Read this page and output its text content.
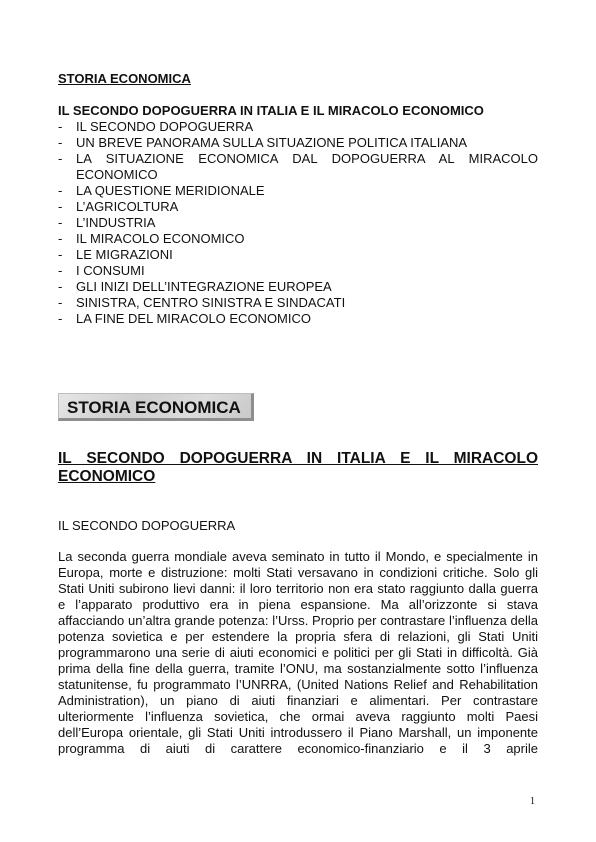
STORIA ECONOMICA
IL SECONDO DOPOGUERRA IN ITALIA E IL MIRACOLO ECONOMICO
- IL SECONDO DOPOGUERRA
- UN BREVE PANORAMA SULLA SITUAZIONE POLITICA ITALIANA
- LA SITUAZIONE ECONOMICA DAL DOPOGUERRA AL MIRACOLO ECONOMICO
- LA QUESTIONE MERIDIONALE
- L’AGRICOLTURA
- L’INDUSTRIA
- IL MIRACOLO ECONOMICO
- LE MIGRAZIONI
- I CONSUMI
- GLI INIZI DELL’INTEGRAZIONE EUROPEA
- SINISTRA, CENTRO SINISTRA E SINDACATI
- LA FINE DEL MIRACOLO ECONOMICO
STORIA ECONOMICA
IL SECONDO DOPOGUERRA IN ITALIA E IL MIRACOLO ECONOMICO
IL SECONDO DOPOGUERRA

La seconda guerra mondiale aveva seminato in tutto il Mondo, e specialmente in Europa, morte e distruzione: molti Stati versavano in condizioni critiche. Solo gli Stati Uniti subirono lievi danni: il loro territorio non era stato raggiunto dalla guerra e l’apparato produttivo era in piena espansione. Ma all’orizzonte si stava affacciando un’altra grande potenza: l’Urss. Proprio per contrastare l’influenza della potenza sovietica e per estendere la propria sfera di relazioni, gli Stati Uniti programmarono una serie di aiuti economici e politici per gli Stati in difficoltà. Già prima della fine della guerra, tramite l’ONU, ma sostanzialmente sotto l’influenza statunitense, fu programmato l’UNRRA, (United Nations Relief and Rehabilitation Administration), un piano di aiuti finanziari e alimentari. Per contrastare ulteriormente l’influenza sovietica, che ormai aveva raggiunto molti Paesi dell’Europa orientale, gli Stati Uniti introdussero il Piano Marshall, un imponente programma di aiuti di carattere economico-finanziario e il 3 aprile

1
